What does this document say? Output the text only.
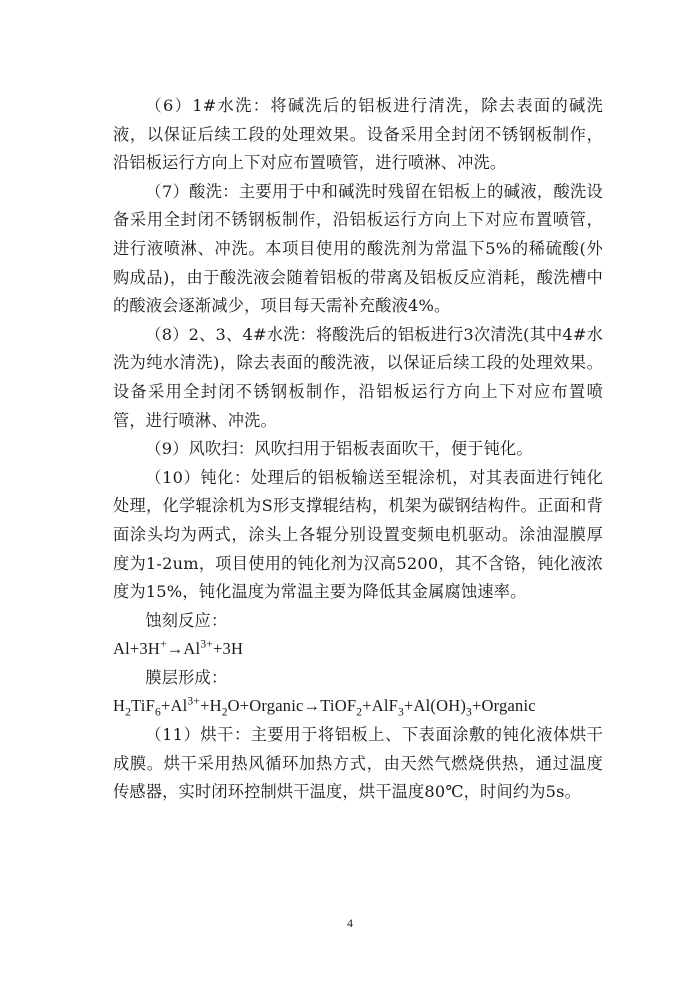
（6）1#水洗：将碱洗后的铝板进行清洗，除去表面的碱洗液，以保证后续工段的处理效果。设备采用全封闭不锈钢板制作，沿铝板运行方向上下对应布置喷管，进行喷淋、冲洗。

（7）酸洗：主要用于中和碱洗时残留在铝板上的碱液，酸洗设备采用全封闭不锈钢板制作，沿铝板运行方向上下对应布置喷管，进行液喷淋、冲洗。本项目使用的酸洗剂为常温下5%的稀硫酸(外购成品)，由于酸洗液会随着铝板的带离及铝板反应消耗，酸洗槽中的酸液会逐渐减少，项目每天需补充酸液4%。

（8）2、3、4#水洗：将酸洗后的铝板进行3次清洗(其中4#水洗为纯水清洗)，除去表面的酸洗液，以保证后续工段的处理效果。设备采用全封闭不锈钢板制作，沿铝板运行方向上下对应布置喷管，进行喷淋、冲洗。

（9）风吹扫：风吹扫用于铝板表面吹干，便于钝化。

（10）钝化：处理后的铝板输送至辊涂机，对其表面进行钝化处理，化学辊涂机为S形支撑辊结构，机架为碳钢结构件。正面和背面涂头均为两式，涂头上各辊分别设置变频电机驱动。涂油湿膜厚度为1-2um，项目使用的钝化剂为汉高5200，其不含铬，钝化液浓度为15%，钝化温度为常温主要为降低其金属腐蚀速率。

蚀刻反应：

$Al+3H^+\to Al^{3+}+3H$

膜层形成：

$H_2TiF_6+Al^{3+}+H_2O+Organic\to TiOF_2+AlF_3+Al(OH)_3+Organic$

（11）烘干：主要用于将铝板上、下表面涂敷的钝化液体烘干成膜。烘干采用热风循环加热方式，由天然气燃烧供热，通过温度传感器，实时闭环控制烘干温度，烘干温度80℃，时间约为5s。

4
